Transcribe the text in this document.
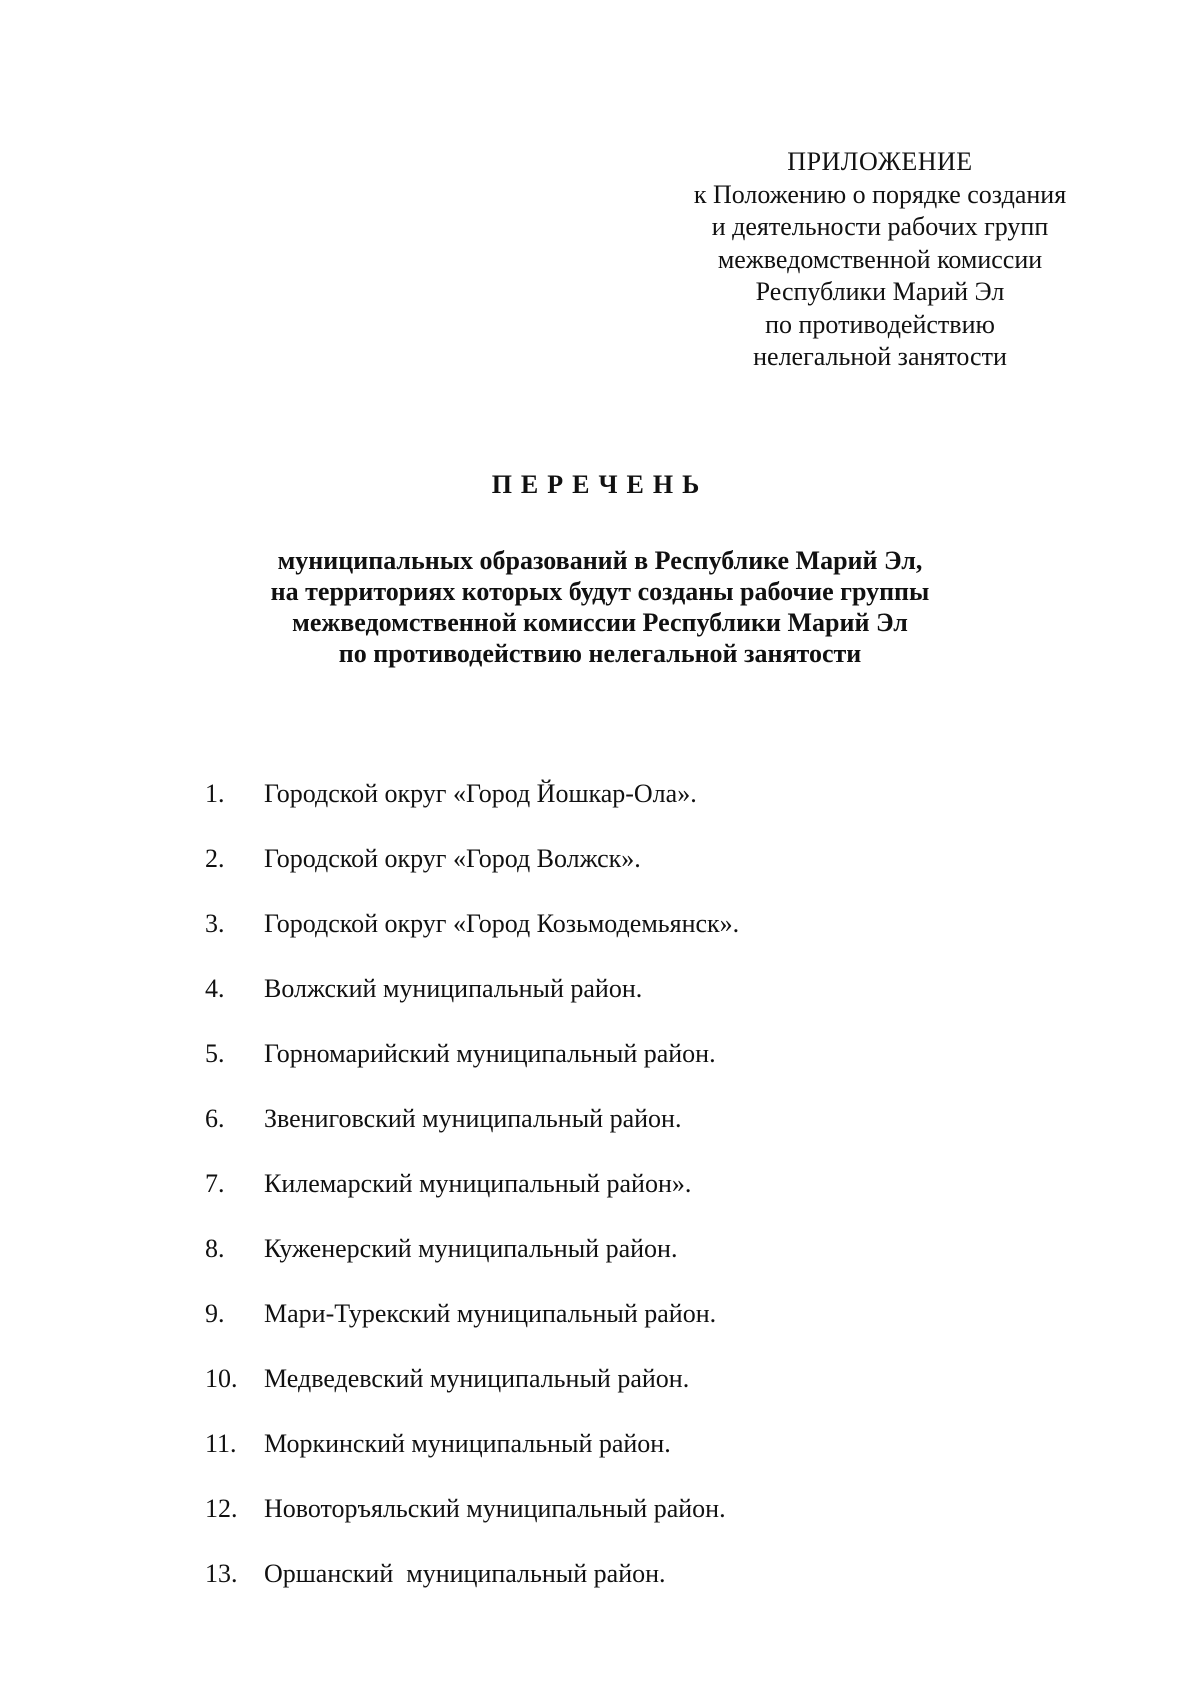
ПРИЛОЖЕНИЕ
к Положению о порядке создания
и деятельности рабочих групп
межведомственной комиссии
Республики Марий Эл
по противодействию
нелегальной занятости
ПЕРЕЧЕНЬ
муниципальных образований в Республике Марий Эл,
на территориях которых будут созданы рабочие группы
межведомственной комиссии Республики Марий Эл
по противодействию нелегальной занятости
1.	Городской округ «Город Йошкар-Ола».
2.	Городской округ «Город Волжск».
3.	Городской округ «Город Козьмодемьянск».
4.	Волжский муниципальный район.
5.	Горномарийский муниципальный район.
6.	Звениговский муниципальный район.
7.	Килемарский муниципальный район».
8.	Куженерский муниципальный район.
9.	Мари-Турекский муниципальный район.
10.	Медведевский муниципальный район.
11.	Моркинский муниципальный район.
12.	Новоторъяльский муниципальный район.
13.	Оршанский  муниципальный район.
